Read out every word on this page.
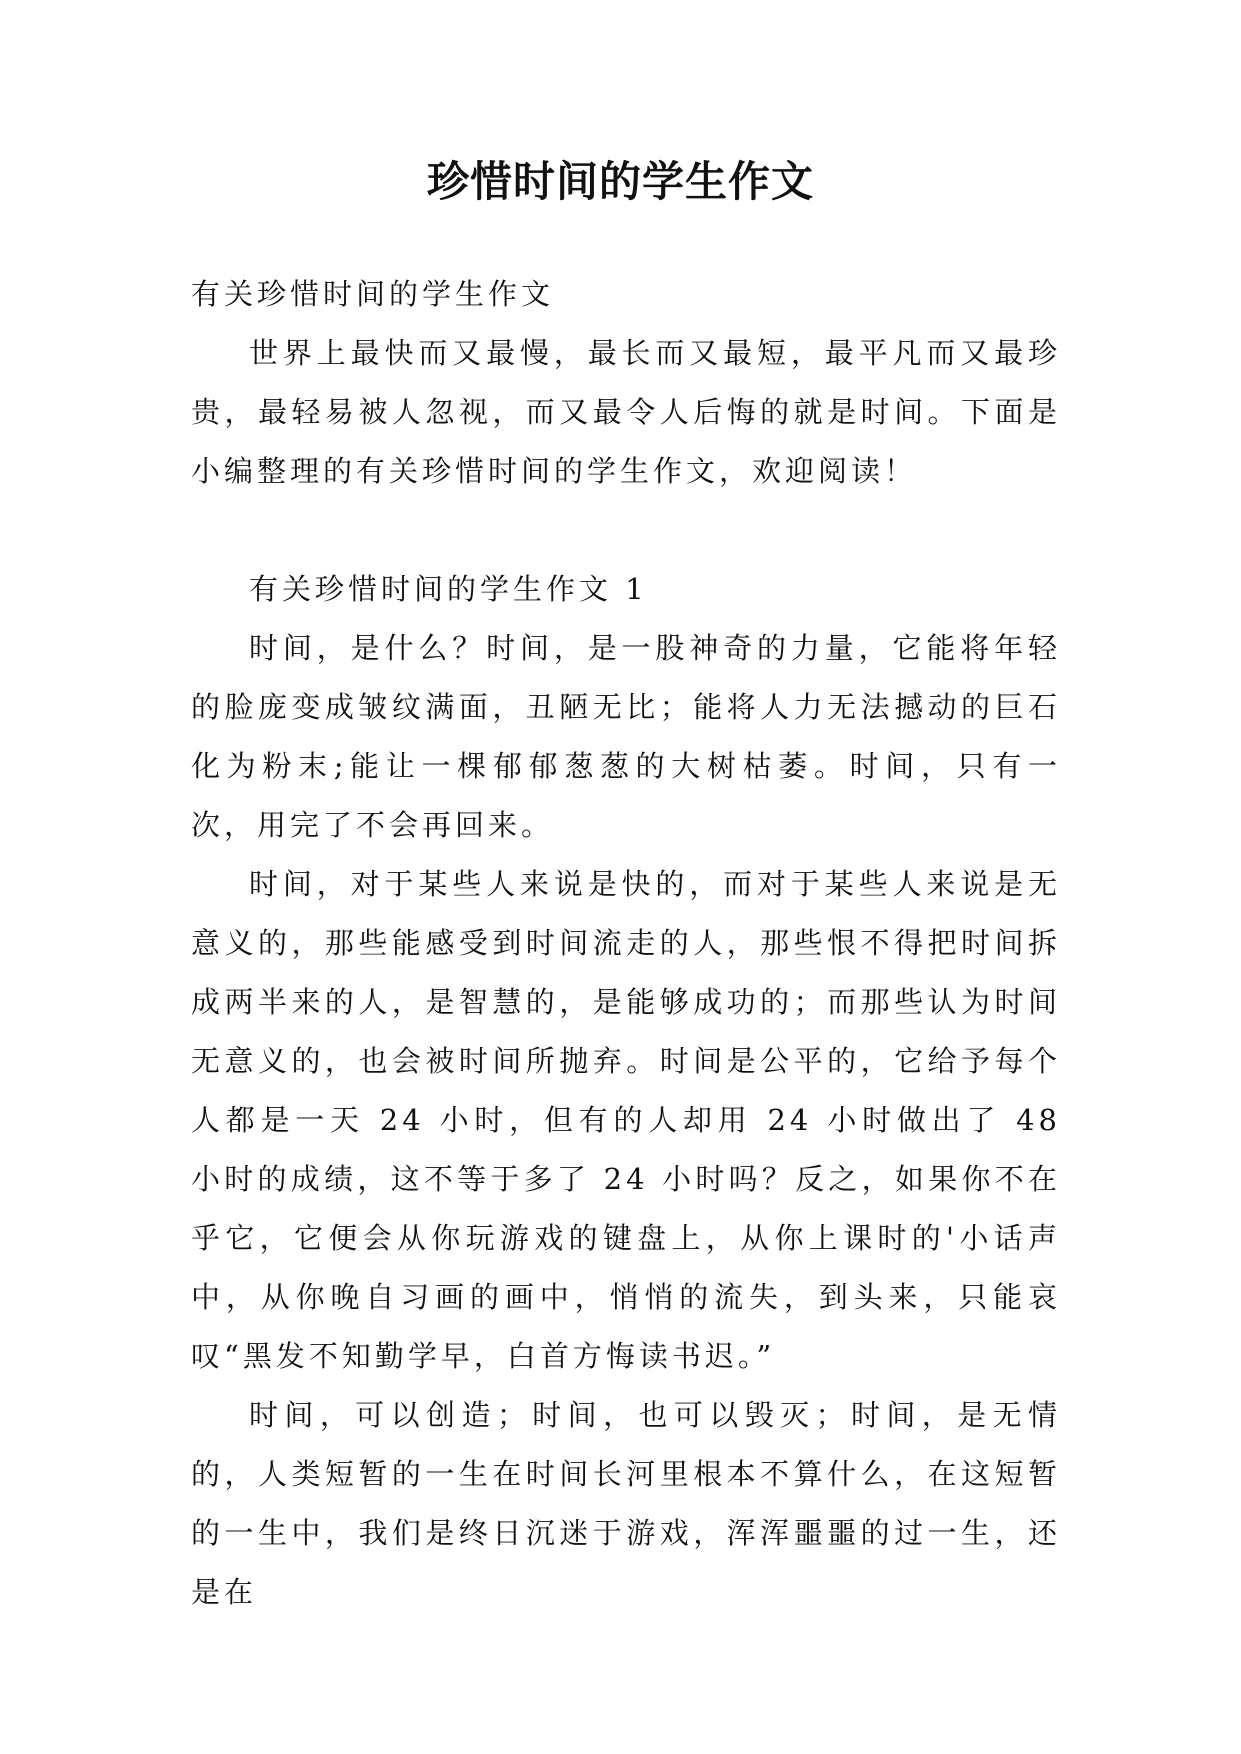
珍惜时间的学生作文

有关珍惜时间的学生作文

世界上最快而又最慢，最长而又最短，最平凡而又最珍贵，最轻易被人忽视，而又最令人后悔的就是时间。下面是小编整理的有关珍惜时间的学生作文，欢迎阅读！

有关珍惜时间的学生作文 1

时间，是什么？时间，是一股神奇的力量，它能将年轻的脸庞变成皱纹满面，丑陋无比；能将人力无法撼动的巨石化为粉末;能让一棵郁郁葱葱的大树枯萎。时间，只有一次，用完了不会再回来。

时间，对于某些人来说是快的，而对于某些人来说是无意义的，那些能感受到时间流走的人，那些恨不得把时间拆成两半来的人，是智慧的，是能够成功的；而那些认为时间无意义的，也会被时间所抛弃。时间是公平的，它给予每个人都是一天 24 小时，但有的人却用 24 小时做出了 48 小时的成绩，这不等于多了 24 小时吗？反之，如果你不在乎它，它便会从你玩游戏的键盘上，从你上课时的'小话声中，从你晚自习画的画中，悄悄的流失，到头来，只能哀叹“黑发不知勤学早，白首方悔读书迟。”

时间，可以创造；时间，也可以毁灭；时间，是无情的，人类短暂的一生在时间长河里根本不算什么，在这短暂的一生中，我们是终日沉迷于游戏，浑浑噩噩的过一生，还是在
